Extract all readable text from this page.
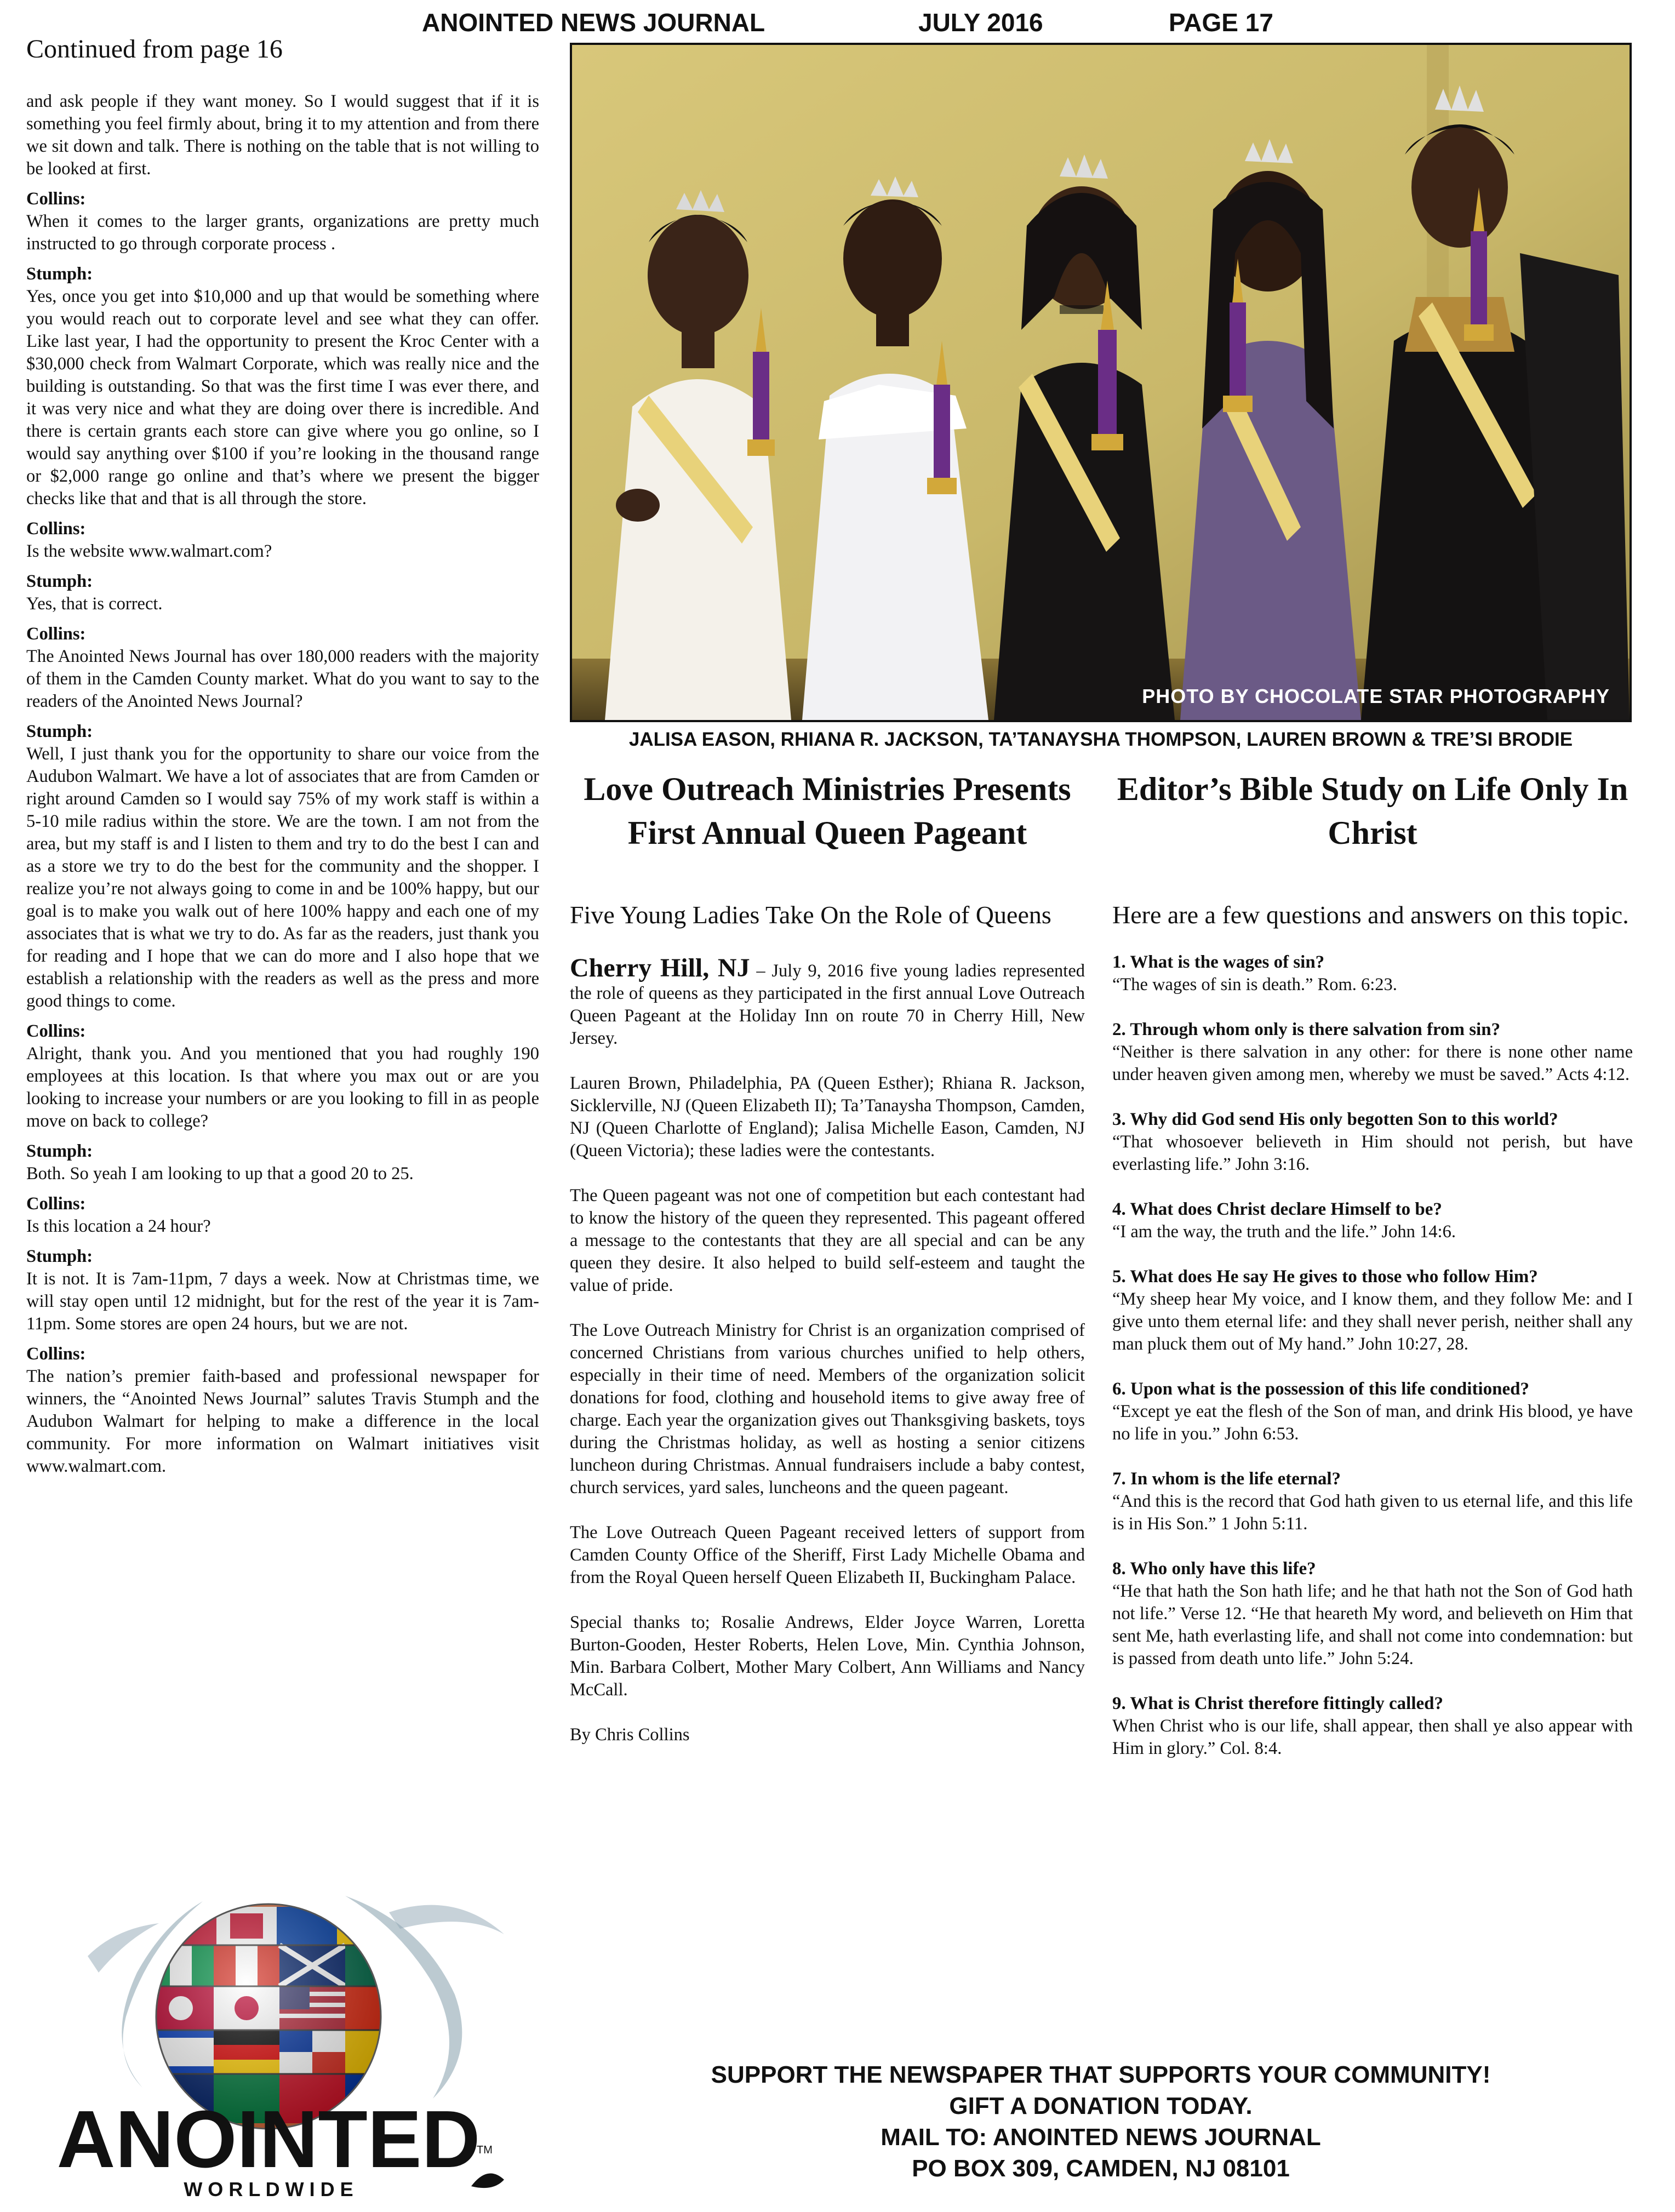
ANOINTED NEWS JOURNAL	JULY 2016	PAGE 17
Continued from page 16

and ask people if they want money. So I would suggest that if it is something you feel firmly about, bring it to my attention and from there we sit down and talk. There is nothing on the table that is not willing to be looked at first.

Collins:
When it comes to the larger grants, organizations are pretty much instructed to go through corporate process .
Stumph:
Yes, once you get into $10,000 and up that would be something where you would reach out to corporate level and see what they can offer. Like last year, I had the opportunity to present the Kroc Center with a $30,000 check from Walmart Corporate, which was really nice and the building is outstanding. So that was the first time I was ever there, and it was very nice and what they are doing over there is incredible. And there is certain grants each store can give where you go online, so I would say anything over $100 if you’re looking in the thousand range or $2,000 range go online and that’s where we present the bigger checks like that and that is all through the store.
Collins:
Is the website www.walmart.com?
Stumph:
Yes, that is correct.
Collins:
The Anointed News Journal has over 180,000 readers with the majority of them in the Camden County market. What do you want to say to the readers of the Anointed News Journal?
Stumph:
Well, I just thank you for the opportunity to share our voice from the Audubon Walmart. We have a lot of associates that are from Camden or right around Camden so I would say 75% of my work staff is within a 5-10 mile radius within the store. We are the town. I am not from the area, but my staff is and I listen to them and try to do the best I can and as a store we try to do the best for the community and the shopper. I realize you’re not always going to come in and be 100% happy, but our goal is to make you walk out of here 100% happy and each one of my associates that is what we try to do. As far as the readers, just thank you for reading and I hope that we can do more and I also hope that we establish a relationship with the readers as well as the press and more good things to come.
Collins:
Alright, thank you. And you mentioned that you had roughly 190 employees at this location. Is that where you max out or are you looking to increase your numbers or are you looking to fill in as people move on back to college?
Stumph:
Both. So yeah I am looking to up that a good 20 to 25.
Collins:
Is this location a 24 hour?
Stumph:
It is not. It is 7am-11pm, 7 days a week. Now at Christmas time, we will stay open until 12 midnight, but for the rest of the year it is 7am-11pm. Some stores are open 24 hours, but we are not.
Collins:
The nation’s premier faith-based and professional newspaper for winners, the “Anointed News Journal” salutes Travis Stumph and the Audubon Walmart for helping to make a difference in the local community. For more information on Walmart initiatives visit www.walmart.com.
PHOTO BY CHOCOLATE STAR PHOTOGRAPHY
JALISA EASON, RHIANA R. JACKSON, TA’TANAYSHA THOMPSON, LAUREN BROWN & TRE’SI BRODIE
Love Outreach Ministries Presents First Annual Queen Pageant
Five Young Ladies Take On the Role of Queens

Cherry Hill, NJ – July 9, 2016 five young ladies represented the role of queens as they participated in the first annual Love Outreach Queen Pageant at the Holiday Inn on route 70 in Cherry Hill, New Jersey.

Lauren Brown, Philadelphia, PA (Queen Esther); Rhiana R. Jackson, Sicklerville, NJ (Queen Elizabeth II); Ta’Tanaysha Thompson, Camden, NJ (Queen Charlotte of England); Jalisa Michelle Eason, Camden, NJ (Queen Victoria); these ladies were the contestants.

The Queen pageant was not one of competition but each contestant had to know the history of the queen they represented. This pageant offered a message to the contestants that they are all special and can be any queen they desire. It also helped to build self-esteem and taught the value of pride.

The Love Outreach Ministry for Christ is an organization comprised of concerned Christians from various churches unified to help others, especially in their time of need. Members of the organization solicit donations for food, clothing and household items to give away free of charge. Each year the organization gives out Thanksgiving baskets, toys during the Christmas holiday, as well as hosting a senior citizens luncheon during Christmas. Annual fundraisers include a baby contest, church services, yard sales, luncheons and the queen pageant.

The Love Outreach Queen Pageant received letters of support from Camden County Office of the Sheriff, First Lady Michelle Obama and from the Royal Queen herself Queen Elizabeth II, Buckingham Palace.

Special thanks to; Rosalie Andrews, Elder Joyce Warren, Loretta Burton-Gooden, Hester Roberts, Helen Love, Min. Cynthia Johnson, Min. Barbara Colbert, Mother Mary Colbert, Ann Williams and Nancy McCall.

By Chris Collins

Editor’s Bible Study on Life Only In Christ
Here are a few questions and answers on this topic.
1. What is the wages of sin?
“The wages of sin is death.” Rom. 6:23.
2. Through whom only is there salvation from sin?
“Neither is there salvation in any other: for there is none other name under heaven given among men, whereby we must be saved.” Acts 4:12.
3. Why did God send His only begotten Son to this world?
“That whosoever believeth in Him should not perish, but have everlasting life.” John 3:16.
4. What does Christ declare Himself to be?
“I am the way, the truth and the life.” John 14:6.
5. What does He say He gives to those who follow Him?
“My sheep hear My voice, and I know them, and they follow Me: and I give unto them eternal life: and they shall never perish, neither shall any man pluck them out of My hand.” John 10:27, 28.
6. Upon what is the possession of this life conditioned?
“Except ye eat the flesh of the Son of man, and drink His blood, ye have no life in you.” John 6:53.
7. In whom is the life eternal?
“And this is the record that God hath given to us eternal life, and this life is in His Son.” 1 John 5:11.
8. Who only have this life?
“He that hath the Son hath life; and he that hath not the Son of God hath not life.” Verse 12. “He that heareth My word, and believeth on Him that sent Me, hath everlasting life, and shall not come into condemnation: but is passed from death unto life.” John 5:24.
9. What is Christ therefore fittingly called?
When Christ who is our life, shall appear, then shall ye also appear with Him in glory.” Col. 8:4.
ANOINTED
W O R L D W I D E
TM
SUPPORT THE NEWSPAPER THAT SUPPORTS YOUR COMMUNITY!
GIFT A DONATION TODAY.
MAIL TO: ANOINTED NEWS JOURNAL
PO BOX 309, CAMDEN, NJ 08101
